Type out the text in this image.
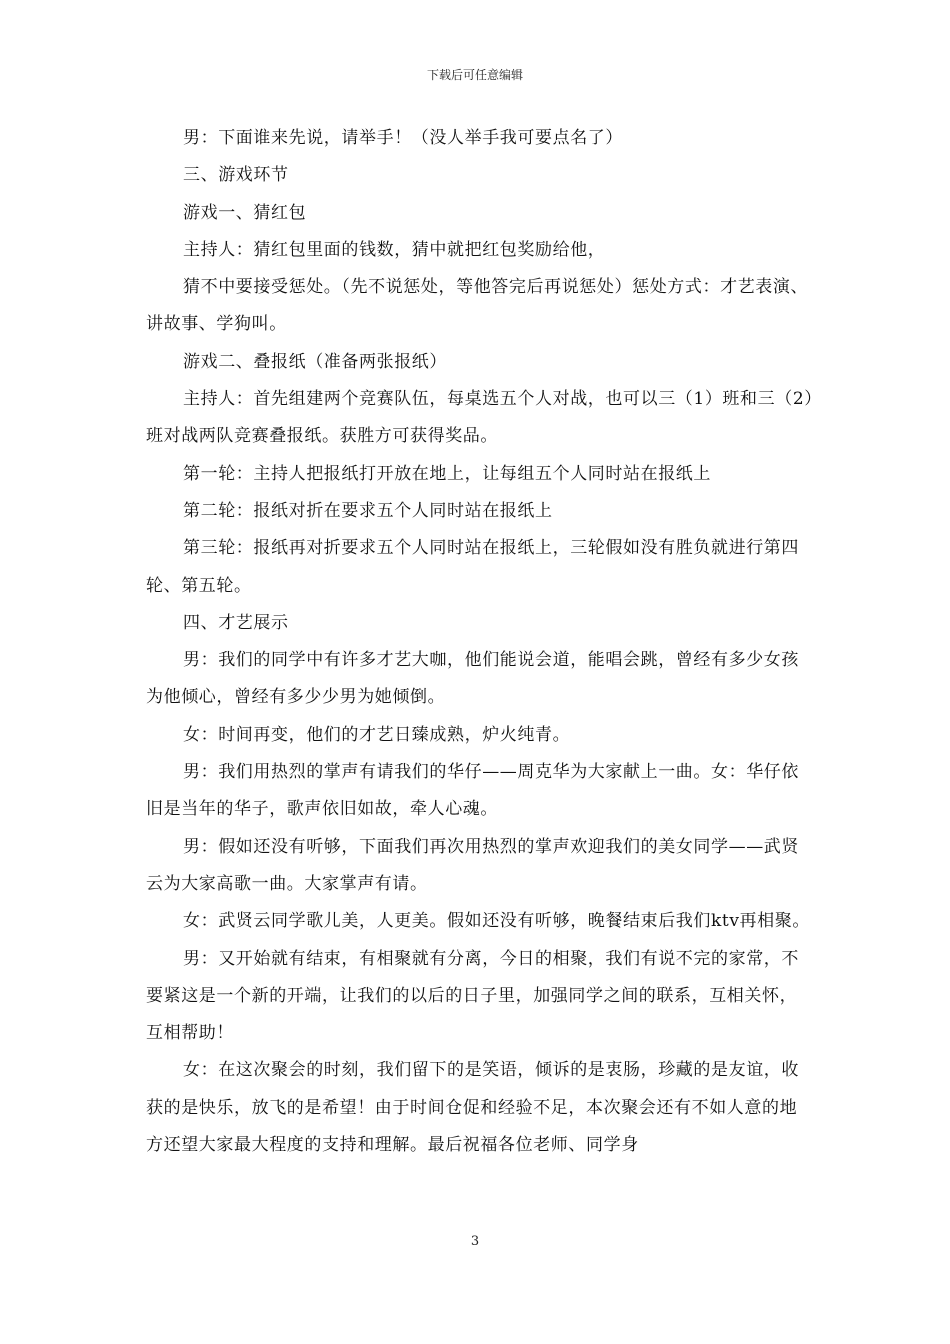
下载后可任意编辑

男：下面谁来先说，请举手！（没人举手我可要点名了）

三、游戏环节

游戏一、猜红包

主持人：猜红包里面的钱数，猜中就把红包奖励给他，

猜不中要接受惩处。（先不说惩处，等他答完后再说惩处）惩处方式：才艺表演、讲故事、学狗叫。

游戏二、叠报纸（准备两张报纸）

主持人：首先组建两个竞赛队伍，每桌选五个人对战，也可以三（1）班和三（2）班对战两队竞赛叠报纸。获胜方可获得奖品。

第一轮：主持人把报纸打开放在地上，让每组五个人同时站在报纸上

第二轮：报纸对折在要求五个人同时站在报纸上

第三轮：报纸再对折要求五个人同时站在报纸上，三轮假如没有胜负就进行第四轮、第五轮。

四、才艺展示

男：我们的同学中有许多才艺大咖，他们能说会道，能唱会跳，曾经有多少女孩为他倾心，曾经有多少少男为她倾倒。

女：时间再变，他们的才艺日臻成熟，炉火纯青。

男：我们用热烈的掌声有请我们的华仔——周克华为大家献上一曲。女：华仔依旧是当年的华子，歌声依旧如故，牵人心魂。

男：假如还没有听够，下面我们再次用热烈的掌声欢迎我们的美女同学——武贤云为大家高歌一曲。大家掌声有请。

女：武贤云同学歌儿美，人更美。假如还没有听够，晚餐结束后我们ktv再相聚。

男：又开始就有结束，有相聚就有分离，今日的相聚，我们有说不完的家常，不要紧这是一个新的开端，让我们的以后的日子里，加强同学之间的联系，互相关怀，互相帮助！

女：在这次聚会的时刻，我们留下的是笑语，倾诉的是衷肠，珍藏的是友谊，收获的是快乐，放飞的是希望！由于时间仓促和经验不足，本次聚会还有不如人意的地方还望大家最大程度的支持和理解。最后祝福各位老师、同学身

3
